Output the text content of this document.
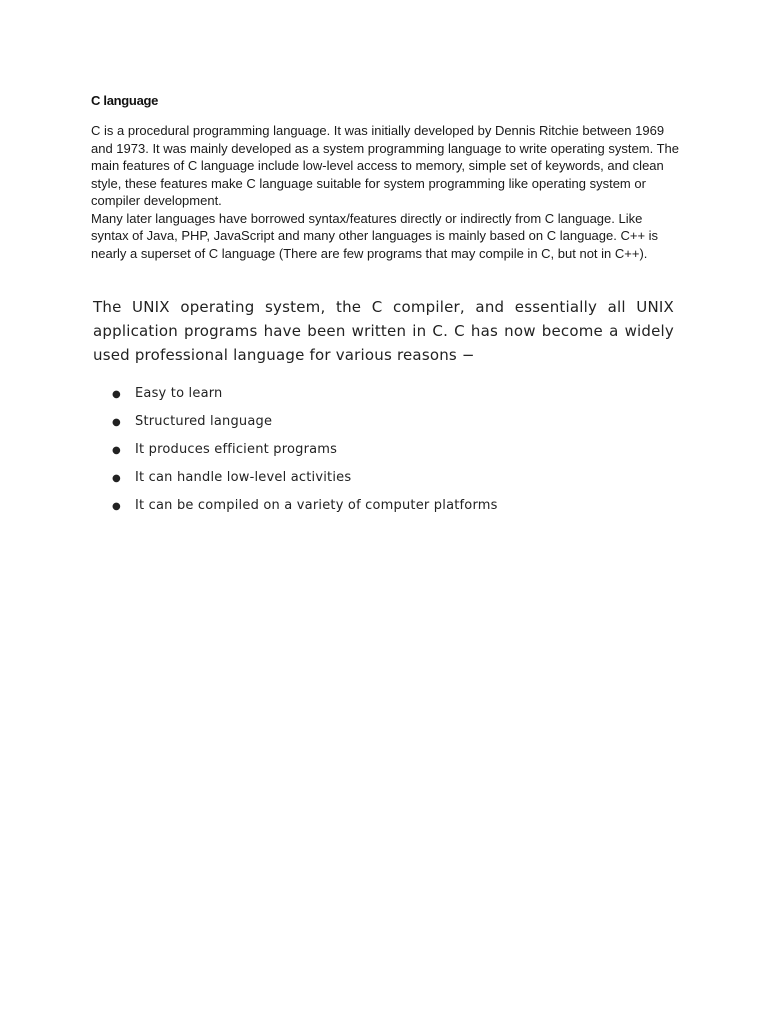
C language

C is a procedural programming language. It was initially developed by Dennis Ritchie between 1969 and 1973. It was mainly developed as a system programming language to write operating system. The main features of C language include low-level access to memory, simple set of keywords, and clean style, these features make C language suitable for system programming like operating system or compiler development.

Many later languages have borrowed syntax/features directly or indirectly from C language. Like syntax of Java, PHP, JavaScript and many other languages is mainly based on C language. C++ is nearly a superset of C language (There are few programs that may compile in C, but not in C++).

The UNIX operating system, the C compiler, and essentially all UNIX application programs have been written in C. C has now become a widely used professional language for various reasons −

● Easy to learn
● Structured language
● It produces efficient programs
● It can handle low-level activities
● It can be compiled on a variety of computer platforms
